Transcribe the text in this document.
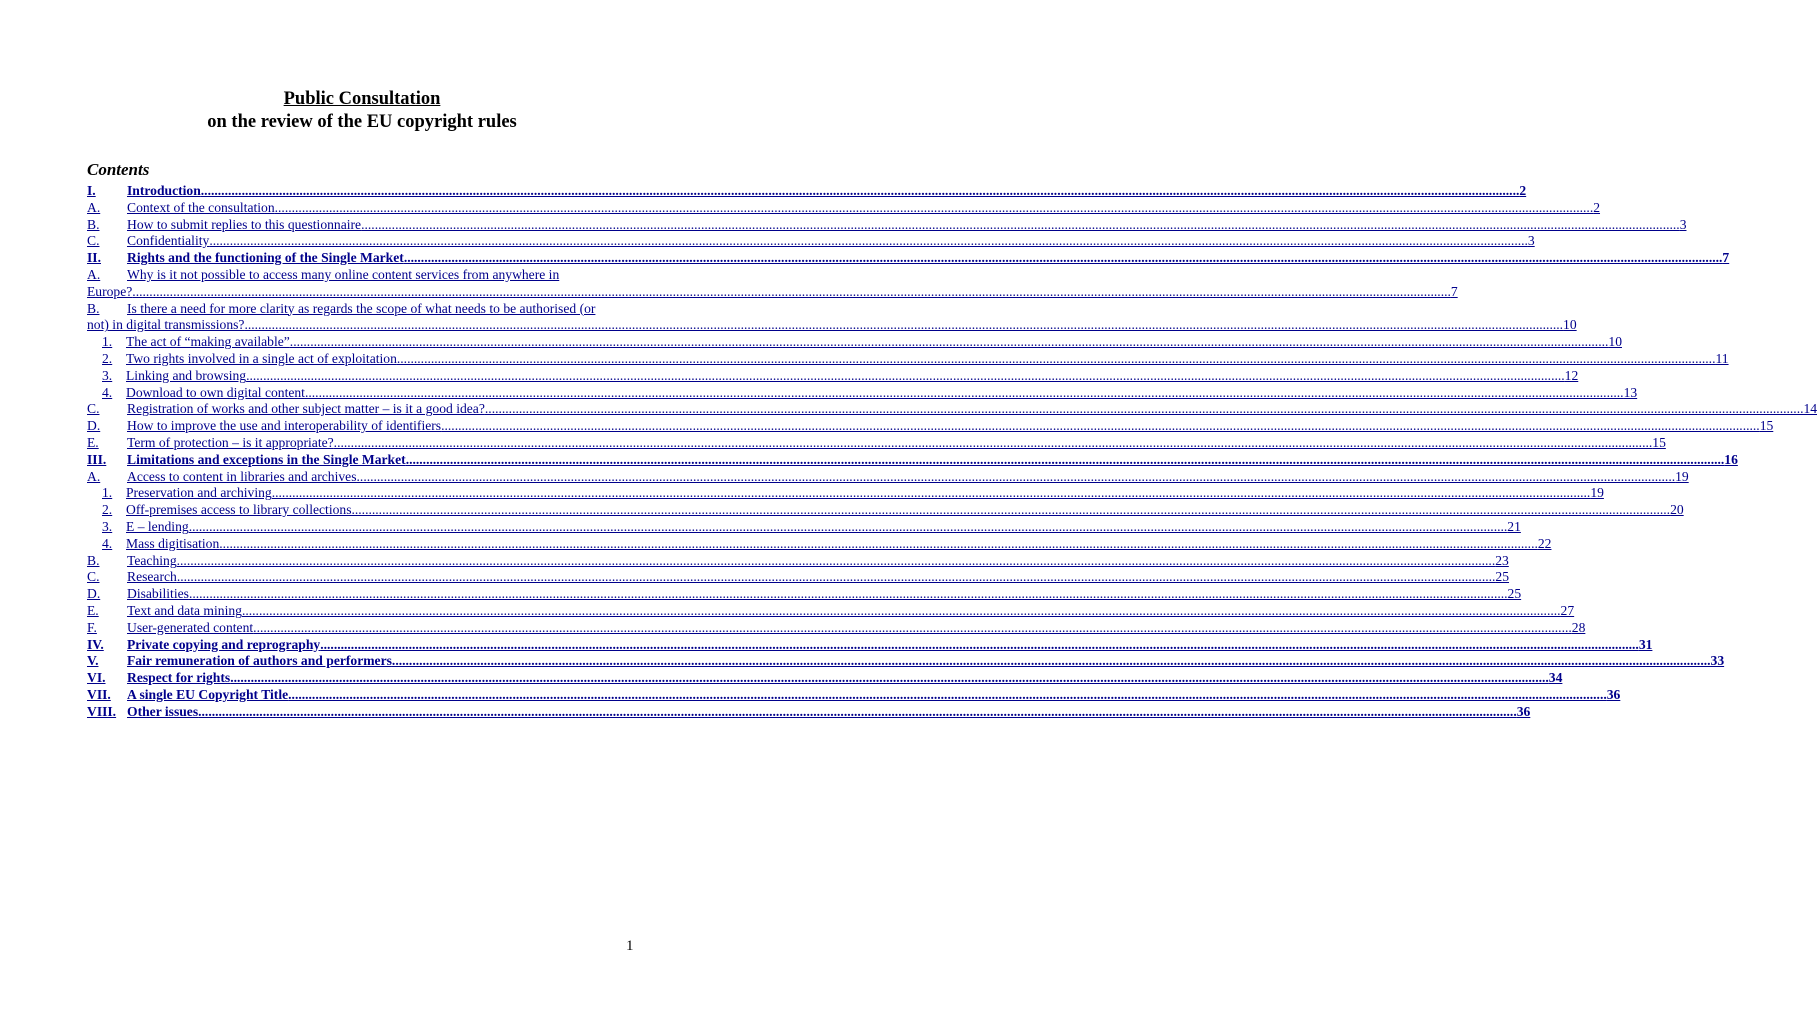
Public Consultation
on the review of the EU copyright rules
Contents
I.	Introduction .....	2
A.	Context of the consultation .....	2
B.	How to submit replies to this questionnaire .....	3
C.	Confidentiality .....	3
II.	Rights and the functioning of the Single Market .....	7
A.	Why is it not possible to access many online content services from anywhere in
Europe? .....	7
B.	Is there a need for more clarity as regards the scope of what needs to be authorised (or
not) in digital transmissions? .....	10
1.	The act of “making available” .....	10
2.	Two rights involved in a single act of exploitation .....	11
3.	Linking and browsing .....	12
4.	Download to own digital content .....	13
C.	Registration of works and other subject matter – is it a good idea? .....	14
D.	How to improve the use and interoperability of identifiers .....	15
E.	Term of protection – is it appropriate? .....	15
III.	Limitations and exceptions in the Single Market .....	16
A.	Access to content in libraries and archives .....	19
1.	Preservation and archiving .....	19
2.	Off-premises access to library collections .....	20
3.	E – lending .....	21
4.	Mass digitisation .....	22
B.	Teaching .....	23
C.	Research .....	25
D.	Disabilities .....	25
E.	Text and data mining .....	27
F.	User-generated content .....	28
IV.	Private copying and reprography .....	31
V.	Fair remuneration of authors and performers .....	33
VI.	Respect for rights .....	34
VII.	A single EU Copyright Title .....	36
VIII. Other issues .....	36
1
